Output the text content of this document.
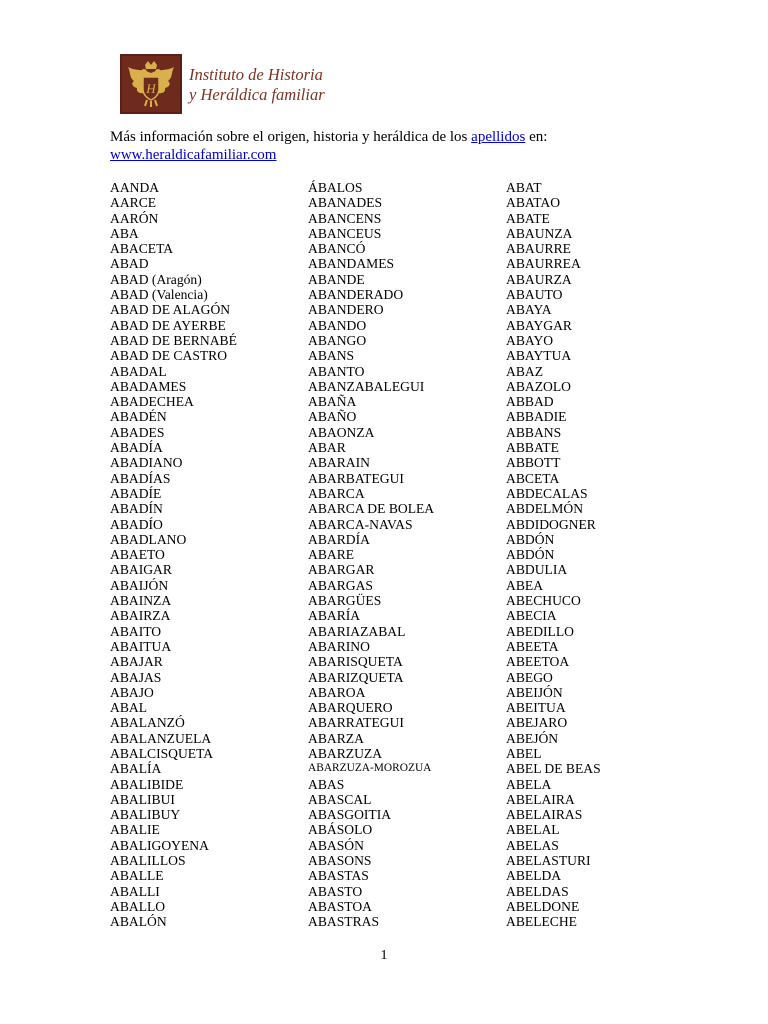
H
Instituto de Historia
y Heráldica familiar
Más información sobre el origen, historia y heráldica de los apellidos en:
www.heraldicafamiliar.com
AANDA
AARCE
AARÓN
ABA
ABACETA
ABAD
ABAD (Aragón)
ABAD (Valencia)
ABAD DE ALAGÓN
ABAD DE AYERBE
ABAD DE BERNABÉ
ABAD DE CASTRO
ABADAL
ABADAMES
ABADECHEA
ABADÉN
ABADES
ABADÍA
ABADIANO
ABADÍAS
ABADÍE
ABADÍN
ABADÍO
ABADLANO
ABAETO
ABAIGAR
ABAIJÓN
ABAINZA
ABAIRZA
ABAITO
ABAITUA
ABAJAR
ABAJAS
ABAJO
ABAL
ABALANZÓ
ABALANZUELA
ABALCISQUETA
ABALÍA
ABALIBIDE
ABALIBUI
ABALIBUY
ABALIE
ABALIGOYENA
ABALILLOS
ABALLE
ABALLI
ABALLO
ABALÓN
ÁBALOS
ABANADES
ABANCENS
ABANCEUS
ABANCÓ
ABANDAMES
ABANDE
ABANDERADO
ABANDERO
ABANDO
ABANGO
ABANS
ABANTO
ABANZABALEGUI
ABAÑA
ABAÑO
ABAONZA
ABAR
ABARAIN
ABARBATEGUI
ABARCA
ABARCA DE BOLEA
ABARCA-NAVAS
ABARDÍA
ABARE
ABARGAR
ABARGAS
ABARGÜES
ABARÍA
ABARIAZABAL
ABARINO
ABARISQUETA
ABARIZQUETA
ABAROA
ABARQUERO
ABARRATEGUI
ABARZA
ABARZUZA
ABARZUZA-MOROZUA
ABAS
ABASCAL
ABASGOITIA
ABÁSOLO
ABASÓN
ABASONS
ABASTAS
ABASTO
ABASTOA
ABASTRAS
ABAT
ABATAO
ABATE
ABAUNZA
ABAURRE
ABAURREA
ABAURZA
ABAUTO
ABAYA
ABAYGAR
ABAYO
ABAYTUA
ABAZ
ABAZOLO
ABBAD
ABBADIE
ABBANS
ABBATE
ABBOTT
ABCETA
ABDECALAS
ABDELMÓN
ABDIDOGNER
ABDÓN
ABDÓN
ABDULIA
ABEA
ABECHUCO
ABECIA
ABEDILLO
ABEETA
ABEETOA
ABEGO
ABEIJÓN
ABEITUA
ABEJARO
ABEJÓN
ABEL
ABEL DE BEAS
ABELA
ABELAIRA
ABELAIRAS
ABELAL
ABELAS
ABELASTURI
ABELDA
ABELDAS
ABELDONE
ABELECHE
1
